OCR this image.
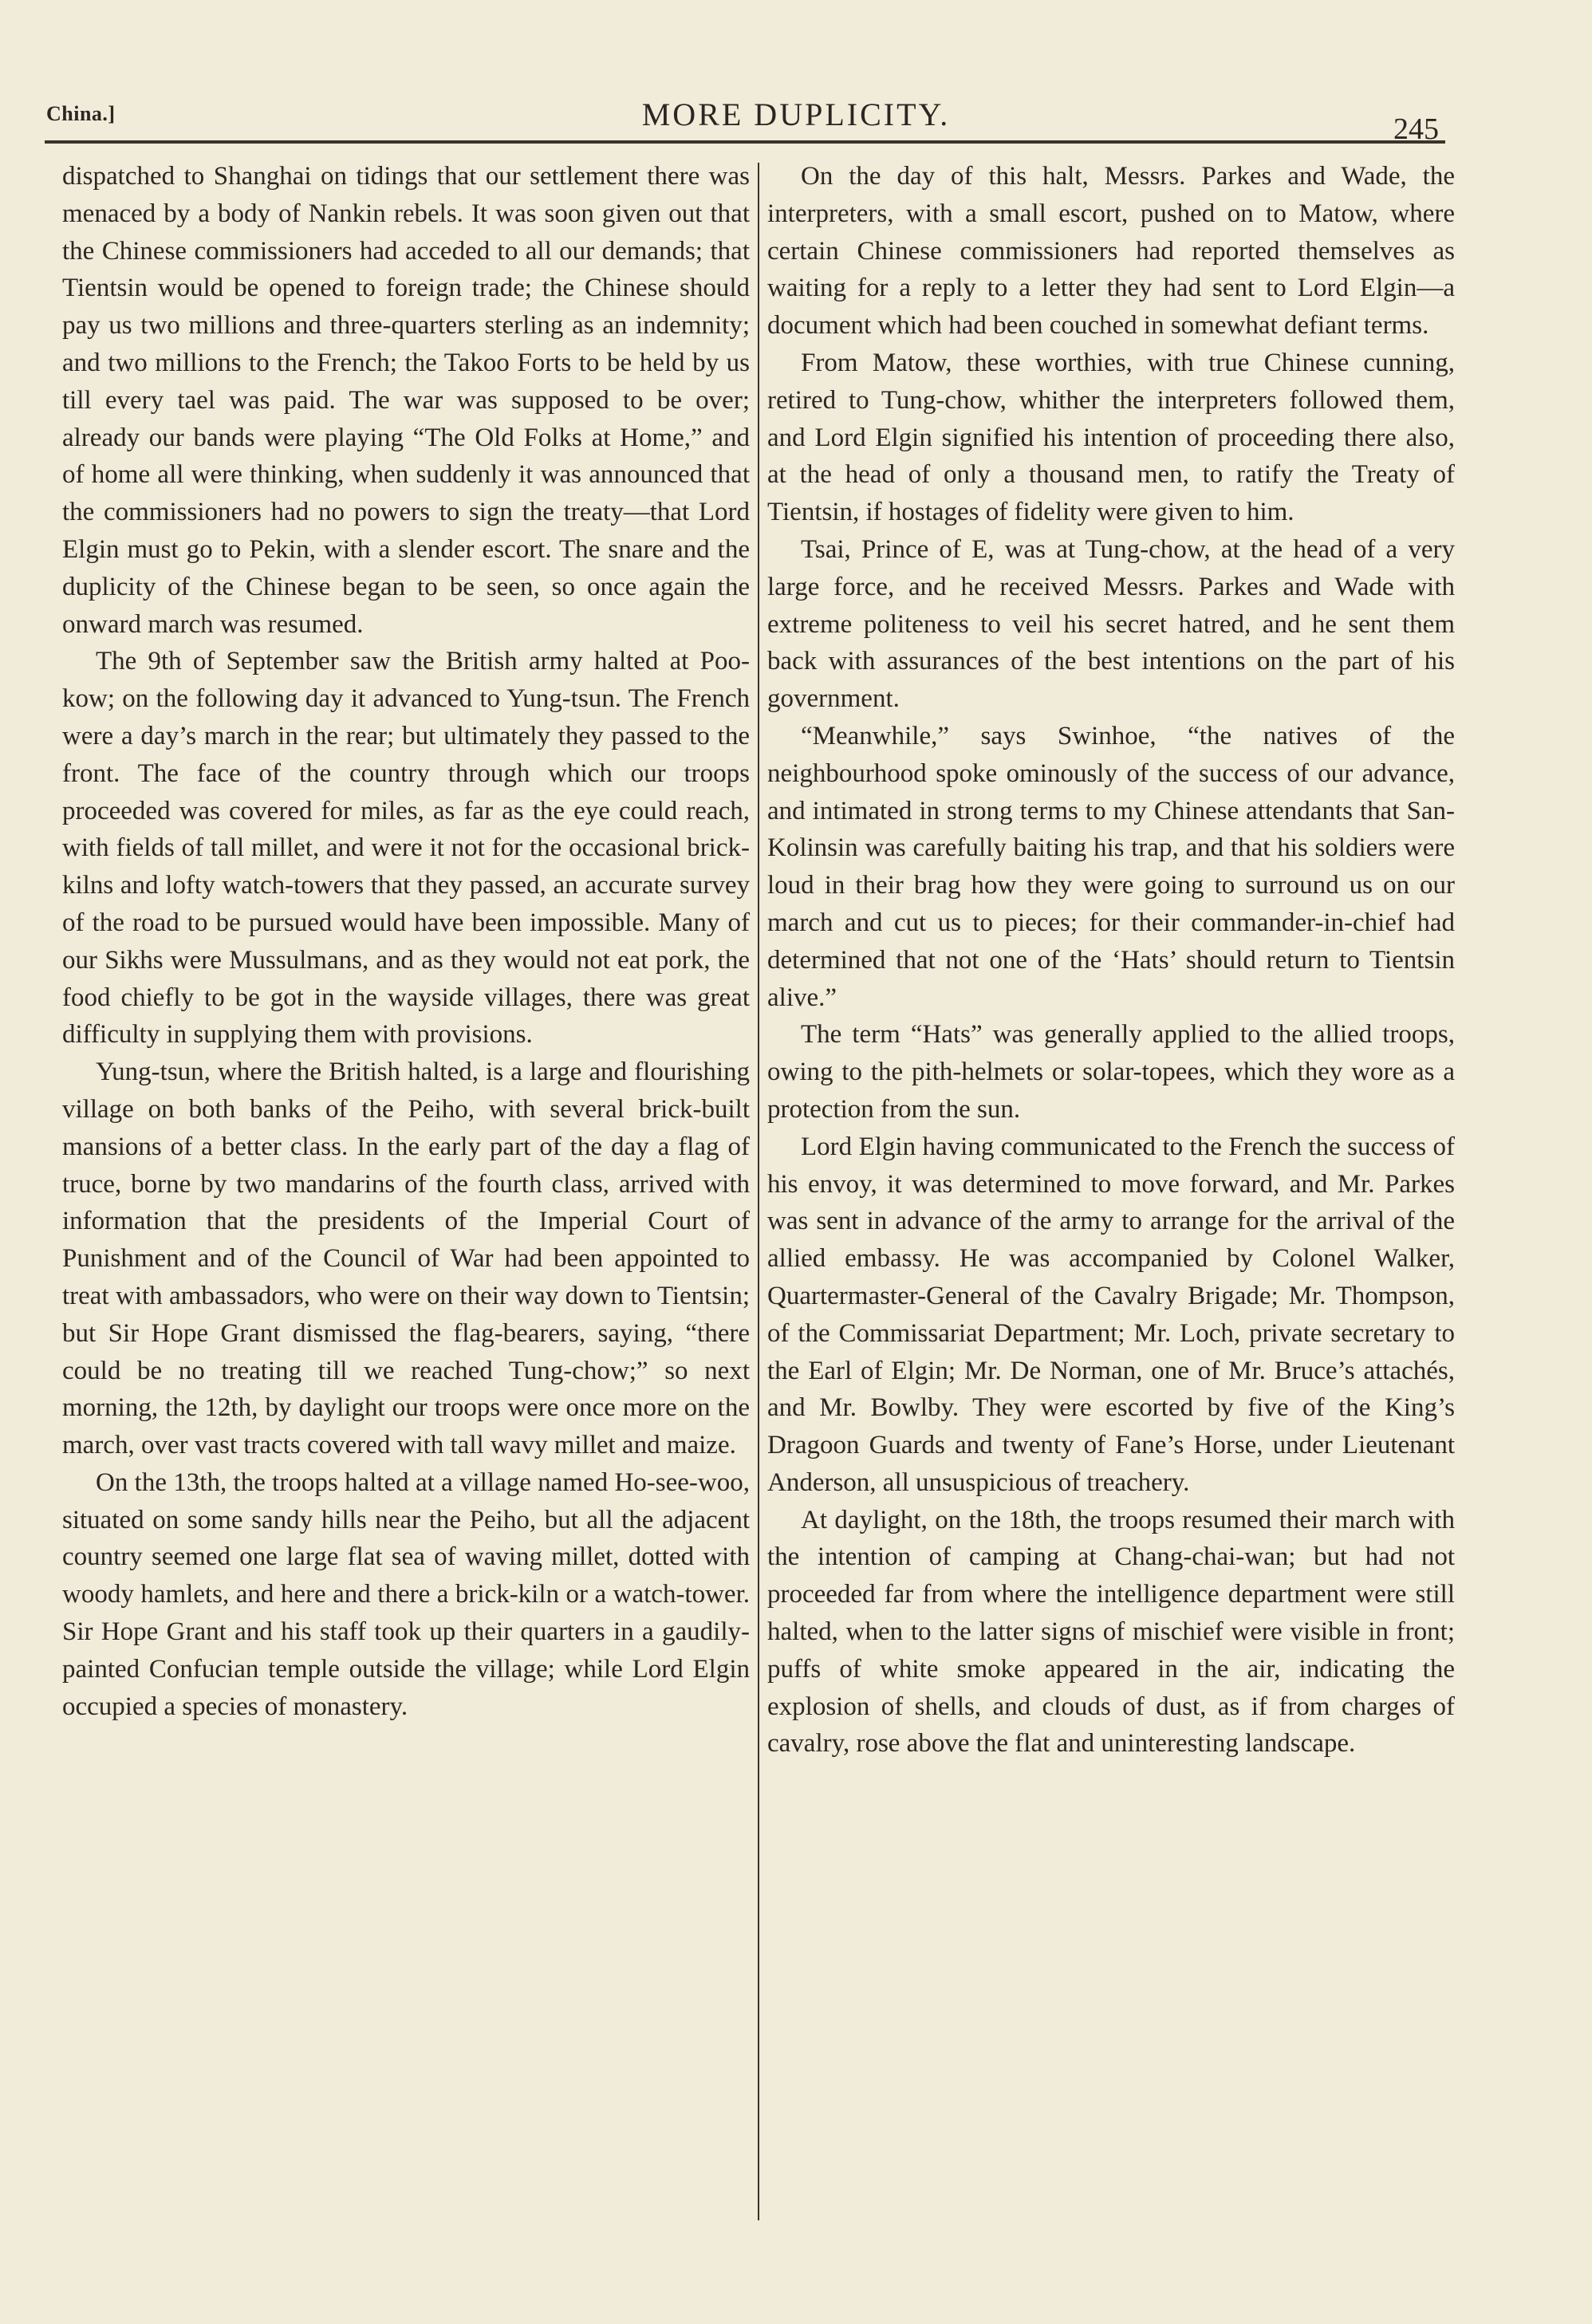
China.]	MORE DUPLICITY.	245

dispatched to Shanghai on tidings that our settlement there was menaced by a body of Nankin rebels. It was soon given out that the Chinese commissioners had acceded to all our demands; that Tientsin would be opened to foreign trade; the Chinese should pay us two millions and three-quarters sterling as an indemnity; and two millions to the French; the Takoo Forts to be held by us till every tael was paid. The war was supposed to be over; already our bands were playing “The Old Folks at Home,” and of home all were thinking, when suddenly it was announced that the commissioners had no powers to sign the treaty—that Lord Elgin must go to Pekin, with a slender escort. The snare and the duplicity of the Chinese began to be seen, so once again the onward march was resumed.

The 9th of September saw the British army halted at Poo-kow; on the following day it advanced to Yung-tsun. The French were a day’s march in the rear; but ultimately they passed to the front. The face of the country through which our troops proceeded was covered for miles, as far as the eye could reach, with fields of tall millet, and were it not for the occasional brick-kilns and lofty watch-towers that they passed, an accurate survey of the road to be pursued would have been impossible. Many of our Sikhs were Mussulmans, and as they would not eat pork, the food chiefly to be got in the wayside villages, there was great difficulty in supplying them with provisions.

Yung-tsun, where the British halted, is a large and flourishing village on both banks of the Peiho, with several brick-built mansions of a better class. In the early part of the day a flag of truce, borne by two mandarins of the fourth class, arrived with information that the presidents of the Imperial Court of Punishment and of the Council of War had been appointed to treat with ambassadors, who were on their way down to Tientsin; but Sir Hope Grant dismissed the flag-bearers, saying, “there could be no treating till we reached Tung-chow;” so next morning, the 12th, by daylight our troops were once more on the march, over vast tracts covered with tall wavy millet and maize.

On the 13th, the troops halted at a village named Ho-see-woo, situated on some sandy hills near the Peiho, but all the adjacent country seemed one large flat sea of waving millet, dotted with woody hamlets, and here and there a brick-kiln or a watch-tower. Sir Hope Grant and his staff took up their quarters in a gaudily-painted Confucian temple outside the village; while Lord Elgin occupied a species of monastery.

On the day of this halt, Messrs. Parkes and Wade, the interpreters, with a small escort, pushed on to Matow, where certain Chinese commissioners had reported themselves as waiting for a reply to a letter they had sent to Lord Elgin—a document which had been couched in somewhat defiant terms.

From Matow, these worthies, with true Chinese cunning, retired to Tung-chow, whither the interpreters followed them, and Lord Elgin signified his intention of proceeding there also, at the head of only a thousand men, to ratify the Treaty of Tientsin, if hostages of fidelity were given to him.

Tsai, Prince of E, was at Tung-chow, at the head of a very large force, and he received Messrs. Parkes and Wade with extreme politeness to veil his secret hatred, and he sent them back with assurances of the best intentions on the part of his government.

“Meanwhile,” says Swinhoe, “the natives of the neighbourhood spoke ominously of the success of our advance, and intimated in strong terms to my Chinese attendants that San-Kolinsin was carefully baiting his trap, and that his soldiers were loud in their brag how they were going to surround us on our march and cut us to pieces; for their commander-in-chief had determined that not one of the ‘Hats’ should return to Tientsin alive.”

The term “Hats” was generally applied to the allied troops, owing to the pith-helmets or solar-topees, which they wore as a protection from the sun.

Lord Elgin having communicated to the French the success of his envoy, it was determined to move forward, and Mr. Parkes was sent in advance of the army to arrange for the arrival of the allied embassy. He was accompanied by Colonel Walker, Quartermaster-General of the Cavalry Brigade; Mr. Thompson, of the Commissariat Department; Mr. Loch, private secretary to the Earl of Elgin; Mr. De Norman, one of Mr. Bruce’s attachés, and Mr. Bowlby. They were escorted by five of the King’s Dragoon Guards and twenty of Fane’s Horse, under Lieutenant Anderson, all unsuspicious of treachery.

At daylight, on the 18th, the troops resumed their march with the intention of camping at Chang-chai-wan; but had not proceeded far from where the intelligence department were still halted, when to the latter signs of mischief were visible in front; puffs of white smoke appeared in the air, indicating the explosion of shells, and clouds of dust, as if from charges of cavalry, rose above the flat and uninteresting landscape.
